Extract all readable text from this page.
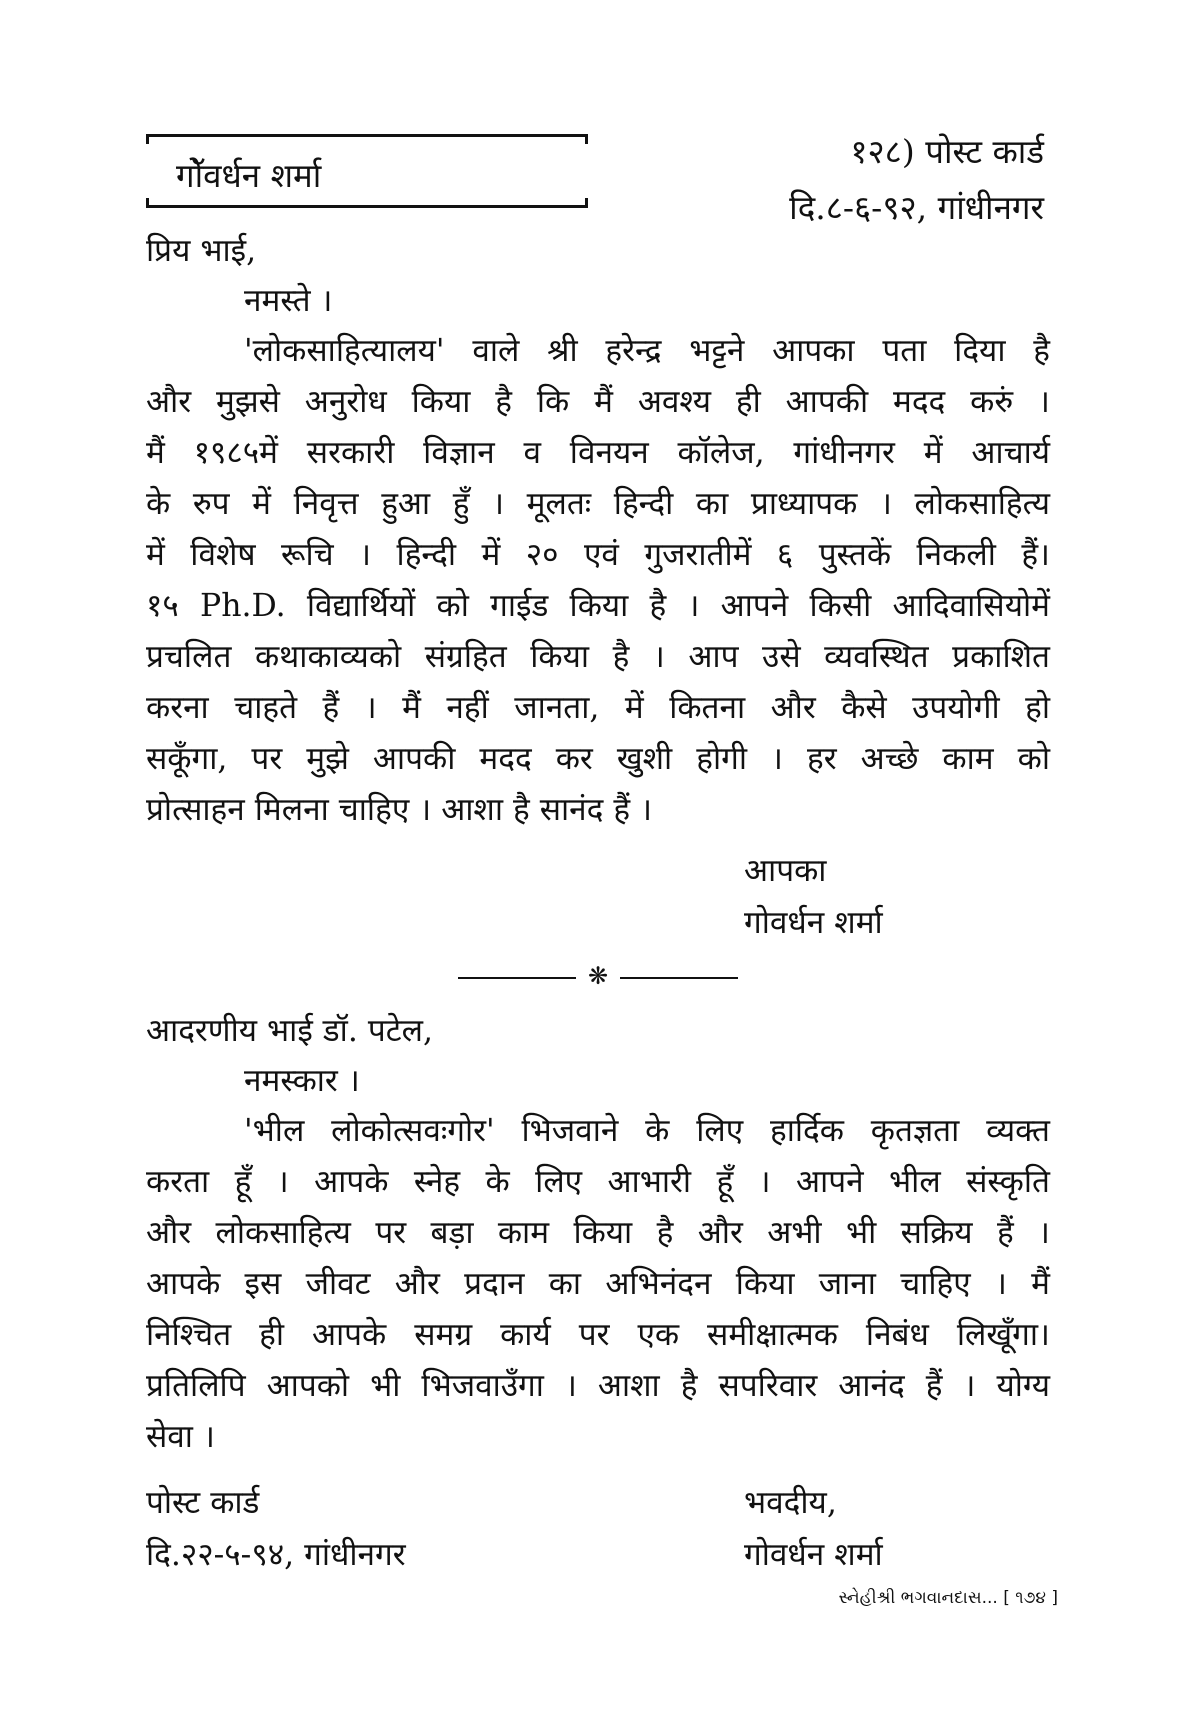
गोॅवर्धन शर्मा
१२८) पोस्ट कार्ड
दि.८-६-९२, गांधीनगर
प्रिय भाई,
नमस्ते ।
'लोकसाहित्यालय' वाले श्री हरेन्द्र भट्टने आपका पता दिया है
और मुझसे अनुरोध किया है कि मैं अवश्य ही आपकी मदद करुं ।
मैं १९८५में सरकारी विज्ञान व विनयन कॉलेज, गांधीनगर में आचार्य
के रुप में निवृत्त हुआ हुँ । मूलतः हिन्दी का प्राध्यापक । लोकसाहित्य
में विशेष रूचि । हिन्दी में २० एवं गुजरातीमें ६ पुस्तकें निकली हैं।
१५ Ph.D. विद्यार्थियों को गाईड किया है । आपने किसी आदिवासियोमें
प्रचलित कथाकाव्यको संग्रहित किया है । आप उसे व्यवस्थित प्रकाशित
करना चाहते हैं । मैं नहीं जानता, में कितना और कैसे उपयोगी हो
सकूँगा, पर मुझे आपकी मदद कर खुशी होगी । हर अच्छे काम को
प्रोत्साहन मिलना चाहिए । आशा है सानंद हैं ।
आपका
गोवर्धन शर्मा
❋
आदरणीय भाई डॉ. पटेल,
नमस्कार ।
'भील लोकोत्सवःगोर' भिजवाने के लिए हार्दिक कृतज्ञता व्यक्त
करता हूँ । आपके स्नेह के लिए आभारी हूँ । आपने भील संस्कृति
और लोकसाहित्य पर बड़ा काम किया है और अभी भी सक्रिय हैं ।
आपके इस जीवट और प्रदान का अभिनंदन किया जाना चाहिए । मैं
निश्चित ही आपके समग्र कार्य पर एक समीक्षात्मक निबंध लिखूँगा।
प्रतिलिपि आपको भी भिजवाउँगा । आशा है सपरिवार आनंद हैं । योग्य
सेवा ।
पोस्ट कार्ड
दि.२२-५-९४, गांधीनगर
भवदीय,
गोवर्धन शर्मा
સ્નેહીશ્રી ભગવાનદાસ... [ ૧૭૪ ]
